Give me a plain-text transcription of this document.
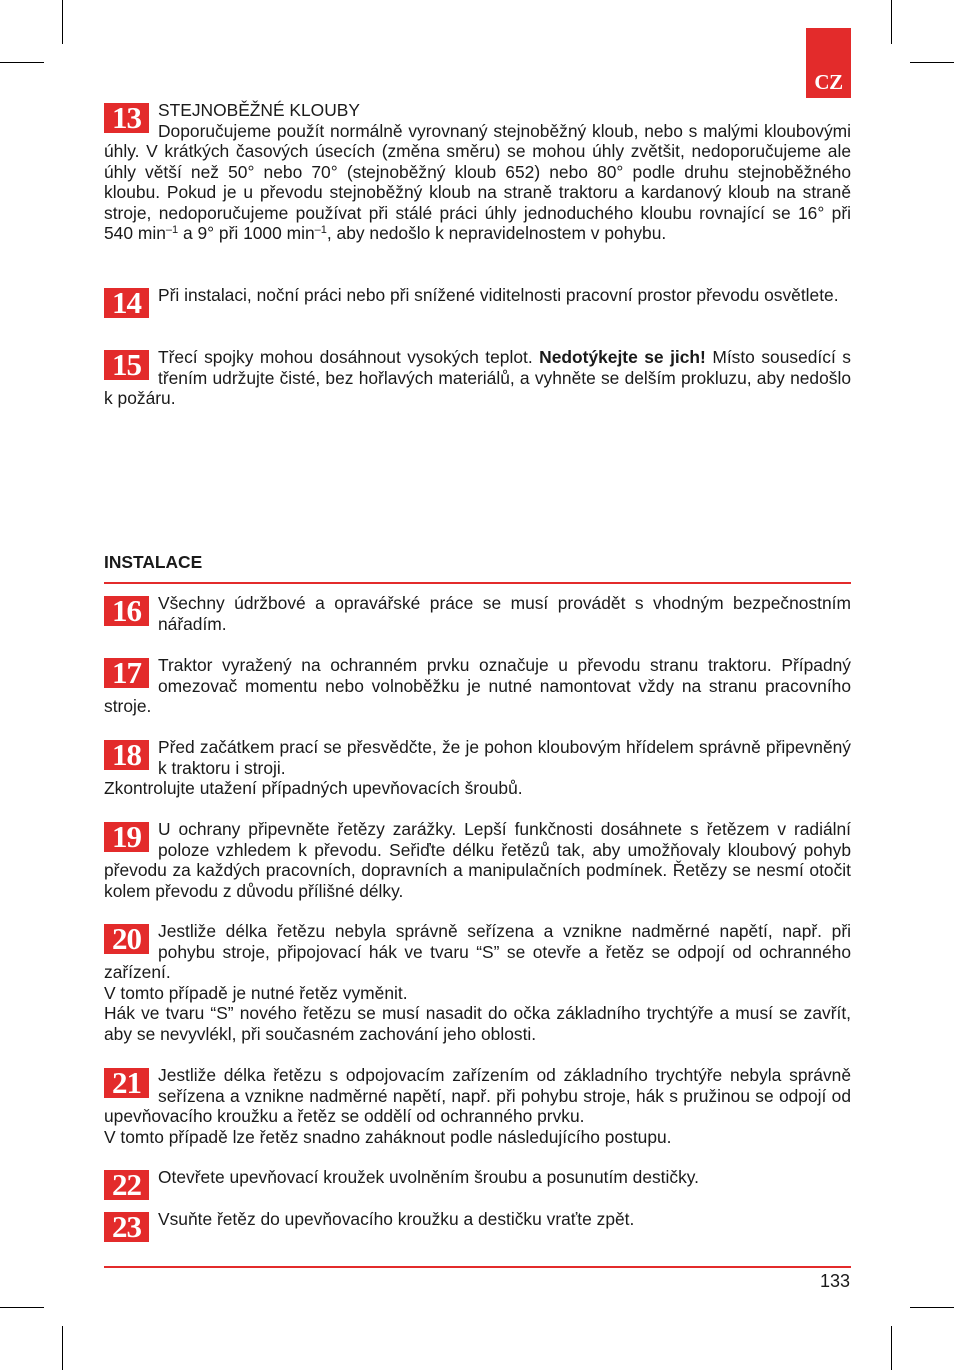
CZ
13 STEJNOBĚŽNÉ KLOUBY

Doporučujeme použít normálně vyrovnaný stejnoběžný kloub, nebo s malými kloubovými úhly. V krátkých časových úsecích (změna směru) se mohou úhly zvětšit, nedoporučujeme ale úhly větší než 50° nebo 70° (stejnoběžný kloub 652) nebo 80° podle druhu stejnoběžného kloubu. Pokud je u převodu stejnoběžný kloub na straně traktoru a kardanový kloub na straně stroje, nedoporučujeme používat při stálé práci úhly jednoduchého kloubu rovnající se 16° při 540 $\min^{-1} a$ 9° při 1000 $\min^{-1}$, aby nedošlo k nepravidelnostem v pohybu.

14 Při instalaci, noční práci nebo při snížené viditelnosti pracovní prostor převodu osvětlete.

15 Třecí spojky mohou dosáhnout vysokých teplot. Nedotýkejte se jich! Místo sousedící s třením udržujte čisté, bez hořlavých materiálů, a vyhněte se delším prokluzu, aby nedošlo k požáru.

INSTALACE
16 Všechny údržbové a opravářské práce se musí provádět s vhodným bezpečnostním nářadím.

17 Traktor vyražený na ochranném prvku označuje u převodu stranu traktoru. Případný omezovač momentu nebo volnoběžku je nutné namontovat vždy na stranu pracovního stroje.

18 Před začátkem prací se přesvědčte, že je pohon kloubovým hřídelem správně připevněný k traktoru i stroji.

Zkontrolujte utažení případných upevňovacích šroubů.

19 U ochrany připevněte řetězy zarážky. Lepší funkčnosti dosáhnete s řetězem v radiální poloze vzhledem k převodu. Seřiďte délku řetězů tak, aby umožňovaly kloubový pohyb převodu za každých pracovních, dopravních a manipulačních podmínek. Řetězy se nesmí otočit kolem převodu z důvodu přílišné délky.

20 Jestliže délka řetězu nebyla správně seřízena a vznikne nadměrné napětí, např. při pohybu stroje, připojovací hák ve tvaru “S” se otevře a řetěz se odpojí od ochranného zařízení.

V tomto případě je nutné řetěz vyměnit.

Hák ve tvaru “S” nového řetězu se musí nasadit do očka základního trychtýře a musí se zavřít, aby se nevyvlékl, při současném zachování jeho oblosti.

21 Jestliže délka řetězu s odpojovacím zařízením od základního trychtýře nebyla správně seřízena a vznikne nadměrné napětí, např. při pohybu stroje, hák s pružinou se odpojí od upevňovacího kroužku a řetěz se oddělí od ochranného prvku.

V tomto případě lze řetěz snadno zaháknout podle následujícího postupu.

22 Otevřete upevňovací kroužek uvolněním šroubu a posunutím destičky.

23 Vsuňte řetěz do upevňovacího kroužku a destičku vraťte zpět.

133
